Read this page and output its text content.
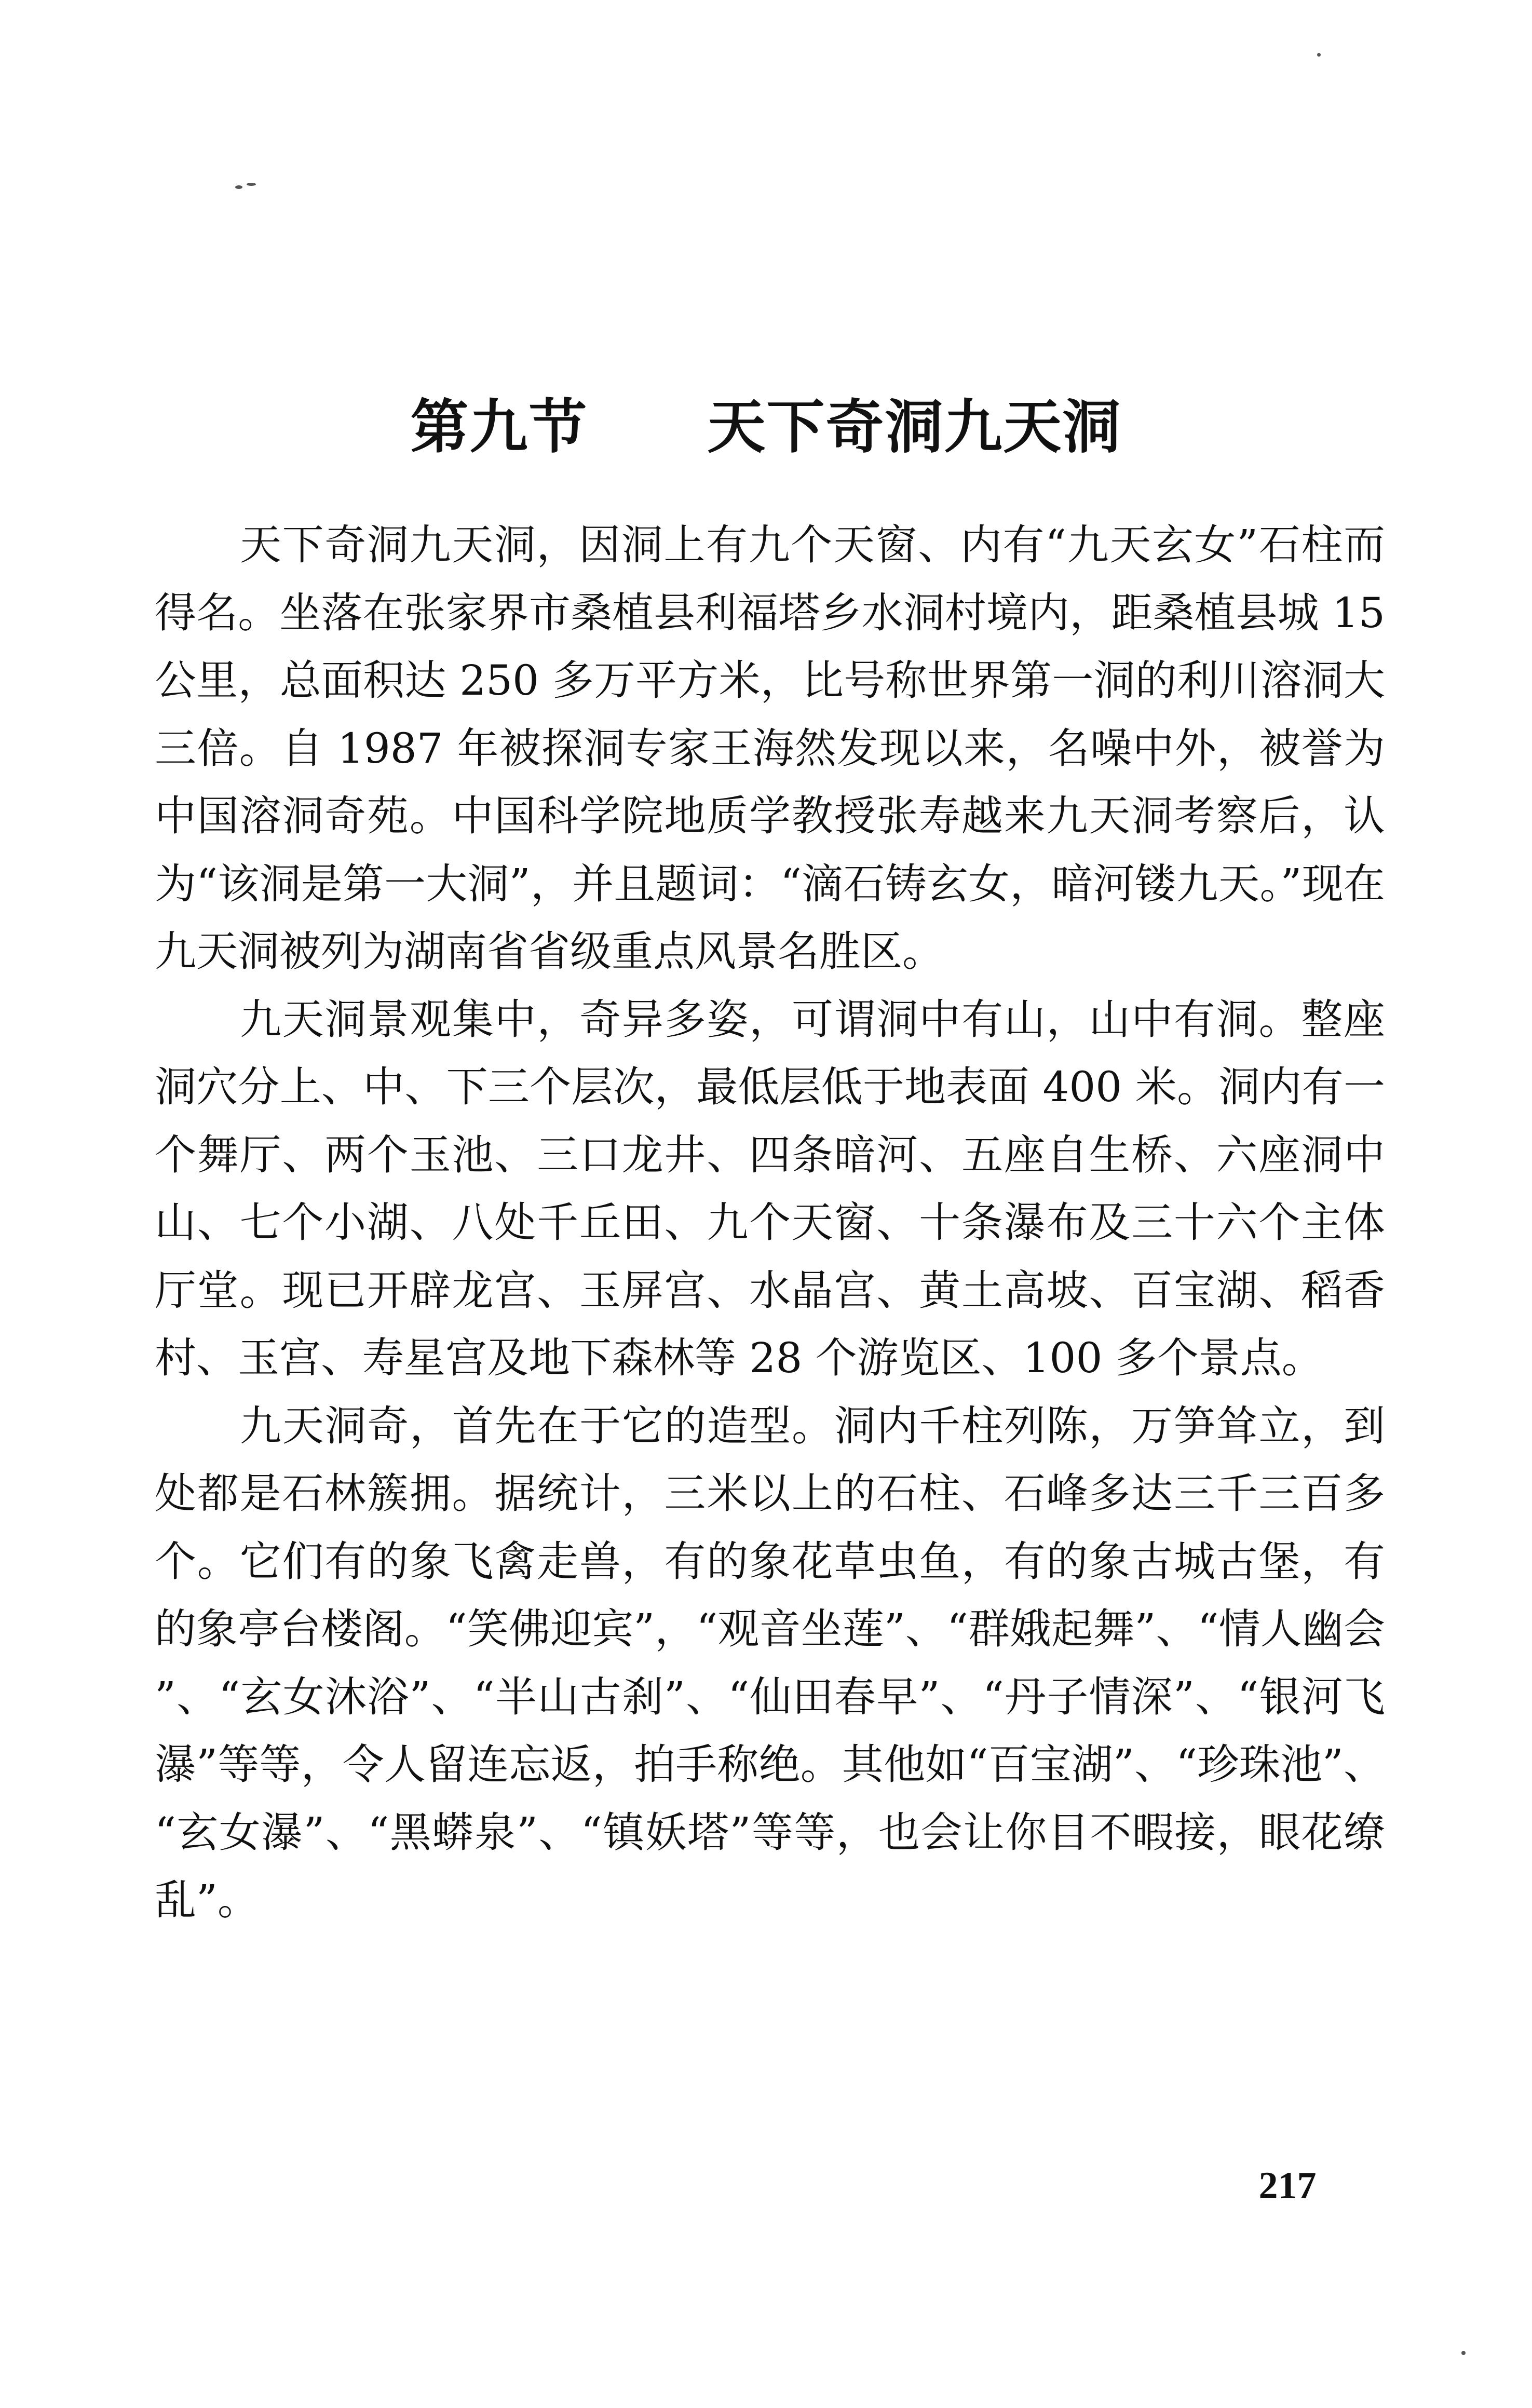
第九节 天下奇洞九天洞

天下奇洞九天洞，因洞上有九个天窗、内有“九天玄女”石柱而得名。坐落在张家界市桑植县利福塔乡水洞村境内，距桑植县城 15 公里，总面积达 250 多万平方米，比号称世界第一洞的利川溶洞大三倍。自 1987 年被探洞专家王海然发现以来，名噪中外，被誉为中国溶洞奇苑。中国科学院地质学教授张寿越来九天洞考察后，认为“该洞是第一大洞”，并且题词：“滴石铸玄女，暗河镂九天。”现在九天洞被列为湖南省省级重点风景名胜区。

九天洞景观集中，奇异多姿，可谓洞中有山，山中有洞。整座洞穴分上、中、下三个层次，最低层低于地表面 400 米。洞内有一个舞厅、两个玉池、三口龙井、四条暗河、五座自生桥、六座洞中山、七个小湖、八处千丘田、九个天窗、十条瀑布及三十六个主体厅堂。现已开辟龙宫、玉屏宫、水晶宫、黄土高坡、百宝湖、稻香村、玉宫、寿星宫及地下森林等 28 个游览区、100 多个景点。

九天洞奇，首先在于它的造型。洞内千柱列陈，万笋耸立，到处都是石林簇拥。据统计，三米以上的石柱、石峰多达三千三百多个。它们有的象飞禽走兽，有的象花草虫鱼，有的象古城古堡，有的象亭台楼阁。“笑佛迎宾”，“观音坐莲”、“群娥起舞”、“情人幽会”、“玄女沐浴”、“半山古刹”、“仙田春早”、“丹子情深”、“银河飞瀑”等等，令人留连忘返，拍手称绝。其他如“百宝湖”、“珍珠池”、“玄女瀑”、“黑蟒泉”、“镇妖塔”等等，也会让你目不暇接，眼花缭乱”。

217
